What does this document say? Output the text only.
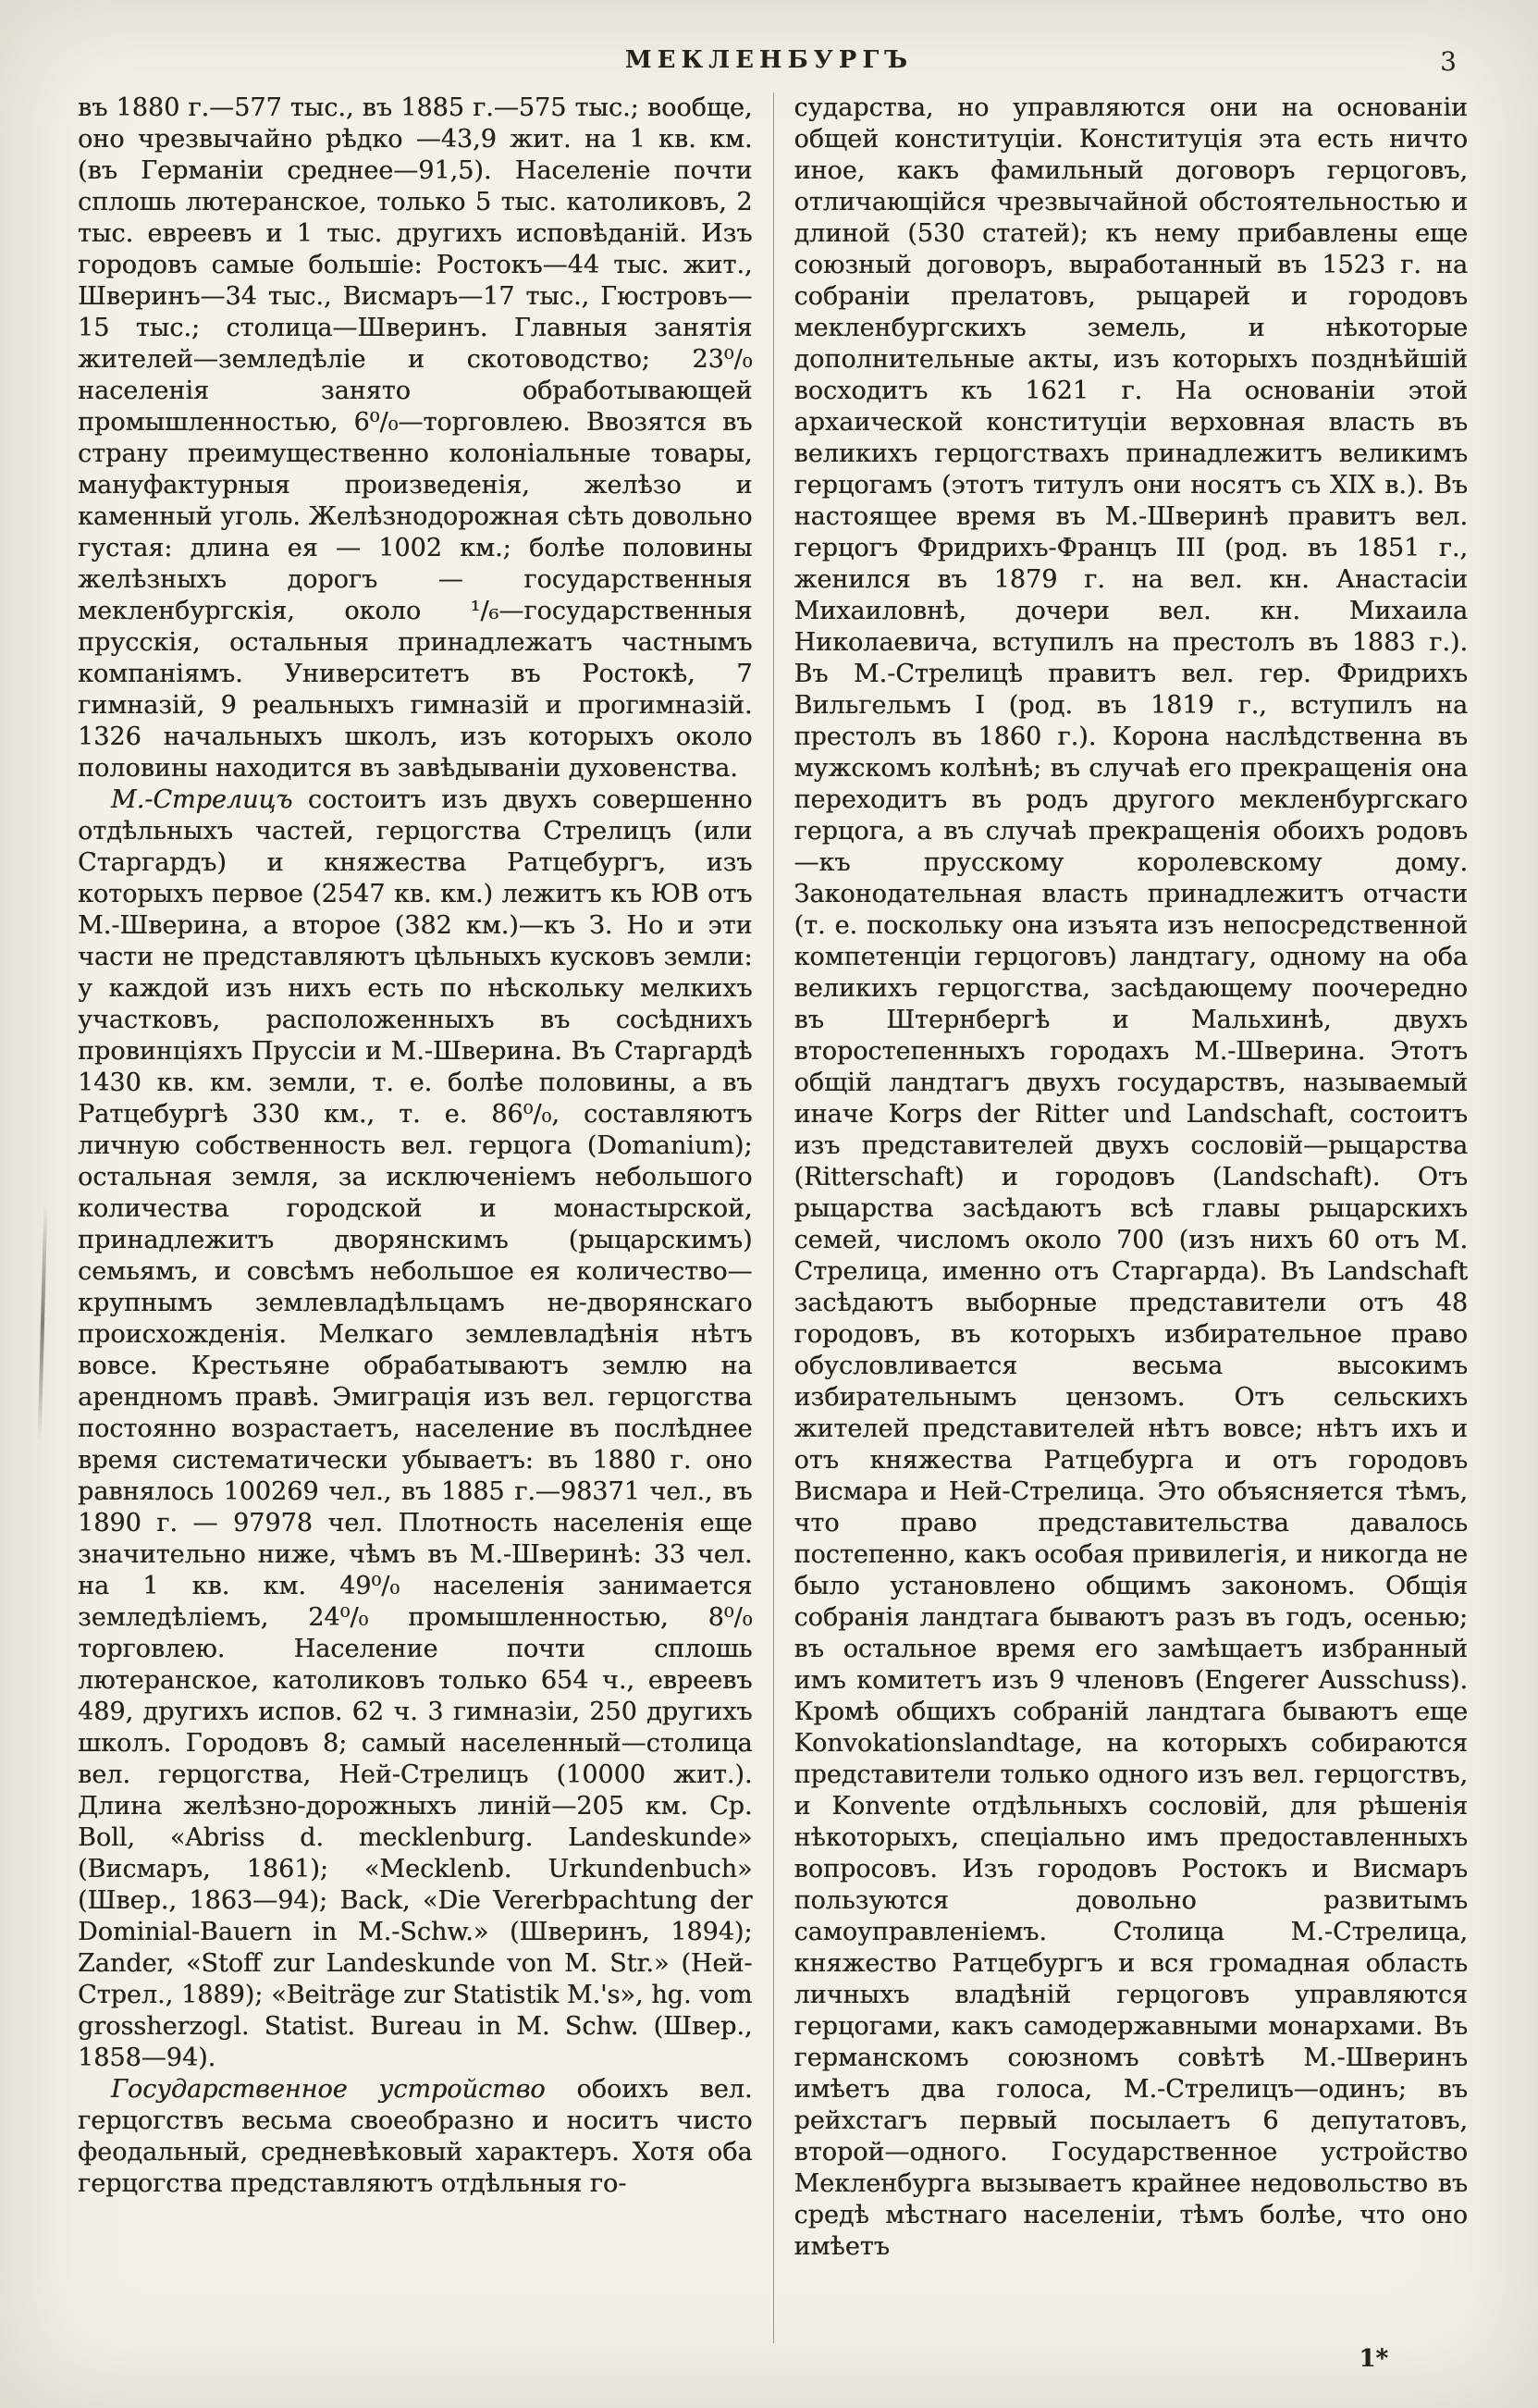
МЕКЛЕНБУРГЪ	3

въ 1880 г.—577 тыс., въ 1885 г.—575 тыс.; вообще, оно чрезвычайно рѣдко —43,9 жит. на 1 кв. км. (въ Германіи среднее—91,5). Населеніе почти сплошь лютеранское, только 5 тыс. католиковъ, 2 тыс. евреевъ и 1 тыс. другихъ исповѣданій. Изъ городовъ самые большіе: Ростокъ—44 тыс. жит., Шверинъ—34 тыс., Висмаръ—17 тыс., Гюстровъ—15 тыс.; столица—Шверинъ. Главныя занятія жителей—земледѣліе и скотоводство; 23⁰/₀ населенія занято обработывающей промышленностью, 6⁰/₀—торговлею. Ввозятся въ страну преимущественно колоніальные товары, мануфактурныя произведенія, желѣзо и каменный уголь. Желѣзнодорожная сѣть довольно густая: длина ея — 1002 км.; болѣе половины желѣзныхъ дорогъ — государственныя мекленбургскія, около ¹/₆—государственныя прусскія, остальныя принадлежатъ частнымъ компаніямъ. Университетъ въ Ростокѣ, 7 гимназій, 9 реальныхъ гимназій и прогимназій. 1326 начальныхъ школъ, изъ которыхъ около половины находится въ завѣдываніи духовенства.

М.-Стрелицъ состоитъ изъ двухъ совершенно отдѣльныхъ частей, герцогства Стрелицъ (или Старгардъ) и княжества Ратцебургъ, изъ которыхъ первое (2547 кв. км.) лежитъ къ ЮВ отъ М.-Шверина, а второе (382 км.)—къ З. Но и эти части не представляютъ цѣльныхъ кусковъ земли: у каждой изъ нихъ есть по нѣскольку мелкихъ участковъ, расположенныхъ въ сосѣднихъ провинціяхъ Пруссіи и М.-Шверина. Въ Старгардѣ 1430 кв. км. земли, т. е. болѣе половины, а въ Ратцебургѣ 330 км., т. е. 86⁰/₀, составляютъ личную собственность вел. герцога (Domanium); остальная земля, за исключеніемъ небольшого количества городской и монастырской, принадлежитъ дворянскимъ (рыцарскимъ) семьямъ, и совсѣмъ небольшое ея количество—крупнымъ землевладѣльцамъ не-дворянскаго происхожденія. Мелкаго землевладѣнія нѣтъ вовсе. Крестьяне обрабатываютъ землю на арендномъ правѣ. Эмиграція изъ вел. герцогства постоянно возрастаетъ, население въ послѣднее время систематически убываетъ: въ 1880 г. оно равнялось 100269 чел., въ 1885 г.—98371 чел., въ 1890 г. — 97978 чел. Плотность населенія еще значительно ниже, чѣмъ въ М.-Шверинѣ: 33 чел. на 1 кв. км. 49⁰/₀ населенія занимается земледѣліемъ, 24⁰/₀ промышленностью, 8⁰/₀ торговлею. Население почти сплошь лютеранское, католиковъ только 654 ч., евреевъ 489, другихъ испов. 62 ч. 3 гимназіи, 250 другихъ школъ. Городовъ 8; самый населенный—столица вел. герцогства, Ней-Стрелицъ (10000 жит.). Длина желѣзно-дорожныхъ линій—205 км. Ср. Boll, «Abriss d. mecklenburg. Landeskunde» (Висмаръ, 1861); «Mecklenb. Urkundenbuch» (Швер., 1863—94); Back, «Die Vererbpachtung der Dominial-Bauern in M.-Schw.» (Шверинъ, 1894); Zander, «Stoff zur Landeskunde von M. Str.» (Ней-Стрел., 1889); «Beiträge zur Statistik M.'s», hg. vom grossherzogl. Statist. Bureau in M. Schw. (Швер., 1858—94).

Государственное устройство обоихъ вел. герцогствъ весьма своеобразно и носитъ чисто феодальный, средневѣковый характеръ. Хотя оба герцогства представляютъ отдѣльныя го-

сударства, но управляются они на основаніи общей конституціи. Конституція эта есть ничто иное, какъ фамильный договоръ герцоговъ, отличающійся чрезвычайной обстоятельностью и длиной (530 статей); къ нему прибавлены еще союзный договоръ, выработанный въ 1523 г. на собраніи прелатовъ, рыцарей и городовъ мекленбургскихъ земель, и нѣкоторые дополнительные акты, изъ которыхъ позднѣйшій восходитъ къ 1621 г. На основаніи этой архаической конституціи верховная власть въ великихъ герцогствахъ принадлежитъ великимъ герцогамъ (этотъ титулъ они носятъ съ XIX в.). Въ настоящее время въ М.-Шверинѣ правитъ вел. герцогъ Фридрихъ-Францъ III (род. въ 1851 г., женился въ 1879 г. на вел. кн. Анастасіи Михаиловнѣ, дочери вел. кн. Михаила Николаевича, вступилъ на престолъ въ 1883 г.). Въ М.-Стрелицѣ правитъ вел. гер. Фридрихъ Вильгельмъ I (род. въ 1819 г., вступилъ на престолъ въ 1860 г.). Корона наслѣдственна въ мужскомъ колѣнѣ; въ случаѣ его прекращенія она переходитъ въ родъ другого мекленбургскаго герцога, а въ случаѣ прекращенія обоихъ родовъ—къ прусскому королевскому дому. Законодательная власть принадлежитъ отчасти (т. е. поскольку она изъята изъ непосредственной компетенціи герцоговъ) ландтагу, одному на оба великихъ герцогства, засѣдающему поочередно въ Штернбергѣ и Мальхинѣ, двухъ второстепенныхъ городахъ М.-Шверина. Этотъ общій ландтагъ двухъ государствъ, называемый иначе Korps der Ritter und Landschaft, состоитъ изъ представителей двухъ сословій—рыцарства (Ritterschaft) и городовъ (Landschaft). Отъ рыцарства засѣдаютъ всѣ главы рыцарскихъ семей, числомъ около 700 (изъ нихъ 60 отъ М. Стрелица, именно отъ Старгарда). Въ Landschaft засѣдаютъ выборные представители отъ 48 городовъ, въ которыхъ избирательное право обусловливается весьма высокимъ избирательнымъ цензомъ. Отъ сельскихъ жителей представителей нѣтъ вовсе; нѣтъ ихъ и отъ княжества Ратцебурга и отъ городовъ Висмара и Ней-Стрелица. Это объясняется тѣмъ, что право представительства давалось постепенно, какъ особая привилегія, и никогда не было установлено общимъ закономъ. Общія собранія ландтага бываютъ разъ въ годъ, осенью; въ остальное время его замѣщаетъ избранный имъ комитетъ изъ 9 членовъ (Engerer Ausschuss). Кромѣ общихъ собраній ландтага бываютъ еще Konvokationslandtage, на которыхъ собираются представители только одного изъ вел. герцогствъ, и Konvente отдѣльныхъ сословій, для рѣшенія нѣкоторыхъ, спеціально имъ предоставленныхъ вопросовъ. Изъ городовъ Ростокъ и Висмаръ пользуются довольно развитымъ самоуправленіемъ. Столица М.-Стрелица, княжество Ратцебургъ и вся громадная область личныхъ владѣній герцоговъ управляются герцогами, какъ самодержавными монархами. Въ германскомъ союзномъ совѣтѣ М.-Шверинъ имѣетъ два голоса, М.-Стрелицъ—одинъ; въ рейхстагъ первый посылаетъ 6 депутатовъ, второй—одного. Государственное устройство Мекленбурга вызываетъ крайнее недовольство въ средѣ мѣстнаго населеніи, тѣмъ болѣе, что оно имѣетъ

1*
